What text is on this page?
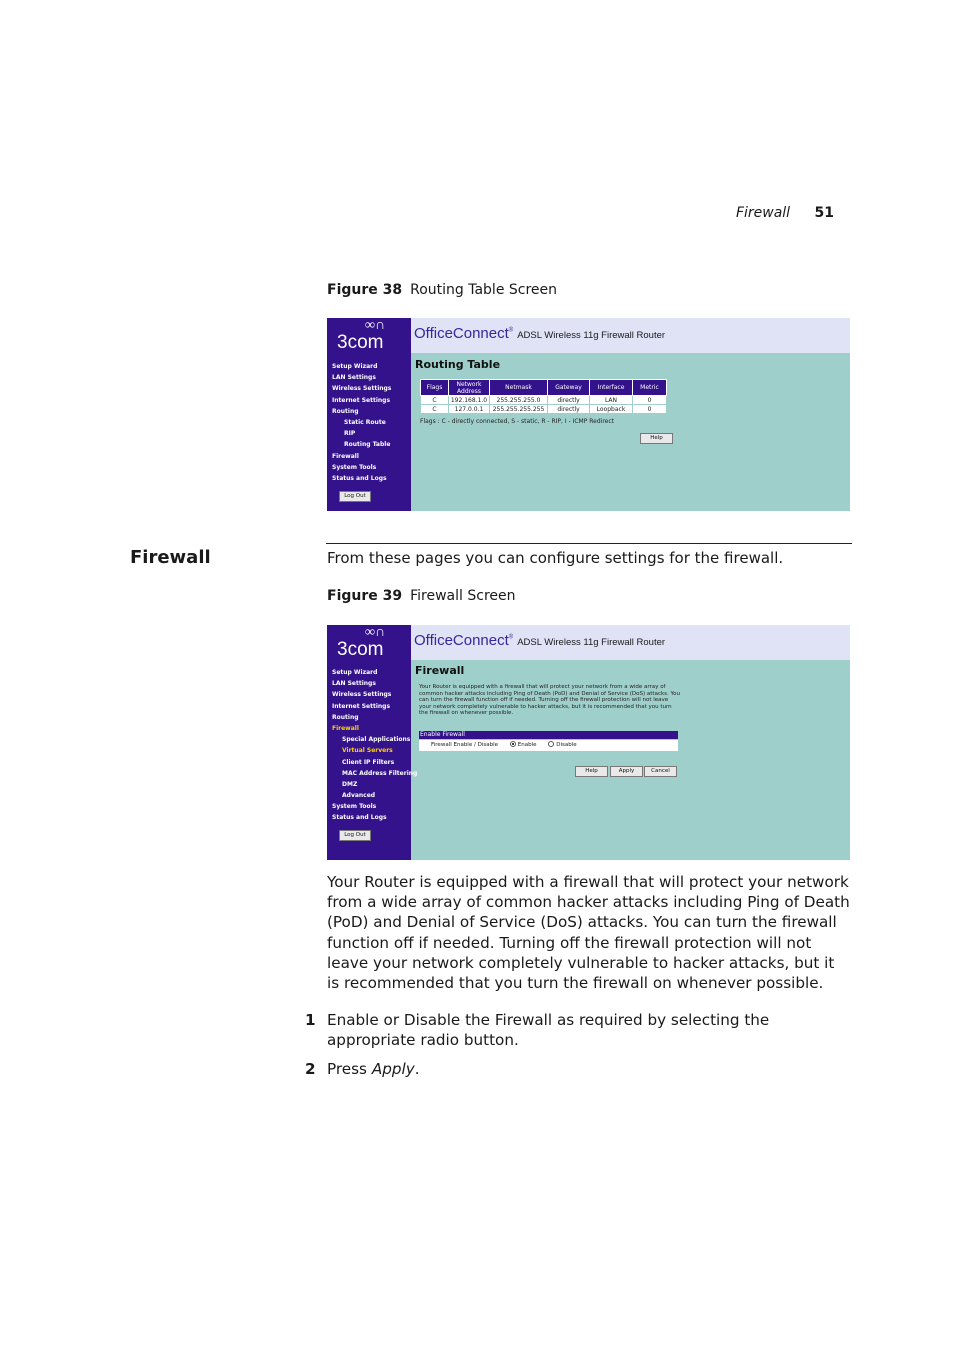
Firewall 51
Figure 38 Routing Table Screen
∞∩
3com
Setup Wizard
LAN Settings
Wireless Settings
Internet Settings
Routing
Static Route
RIP
Routing Table
Firewall
System Tools
Status and Logs
Log Out
OfficeConnect® ADSL Wireless 11g Firewall Router
Routing Table
Flags	Network Address	Netmask	Gateway	Interface	Metric
C	192.168.1.0	255.255.255.0	directly	LAN	0
C	127.0.0.1	255.255.255.255	directly	Loopback	0
Flags : C - directly connected, S - static, R - RIP, I - ICMP Redirect
Help
Firewall	From these pages you can configure settings for the firewall.
Figure 39 Firewall Screen
∞∩
3com
Setup Wizard
LAN Settings
Wireless Settings
Internet Settings
Routing
Firewall
Special Applications
Virtual Servers
Client IP Filters
MAC Address Filtering
DMZ
Advanced
System Tools
Status and Logs
Log Out
OfficeConnect® ADSL Wireless 11g Firewall Router
Firewall
Your Router is equipped with a firewall that will protect your network from a wide array of common hacker attacks including Ping of Death (PoD) and Denial of Service (DoS) attacks. You can turn the firewall function off if needed. Turning off the firewall protection will not leave your network completely vulnerable to hacker attacks, but it is recommended that you turn the firewall on whenever possible.
Enable Firewall
Firewall Enable / Disable	Enable	Disable
Help	Apply	Cancel

Your Router is equipped with a firewall that will protect your network from a wide array of common hacker attacks including Ping of Death (PoD) and Denial of Service (DoS) attacks. You can turn the firewall function off if needed. Turning off the firewall protection will not leave your network completely vulnerable to hacker attacks, but it is recommended that you turn the firewall on whenever possible.

1 Enable or Disable the Firewall as required by selecting the appropriate radio button.
2 Press Apply.
